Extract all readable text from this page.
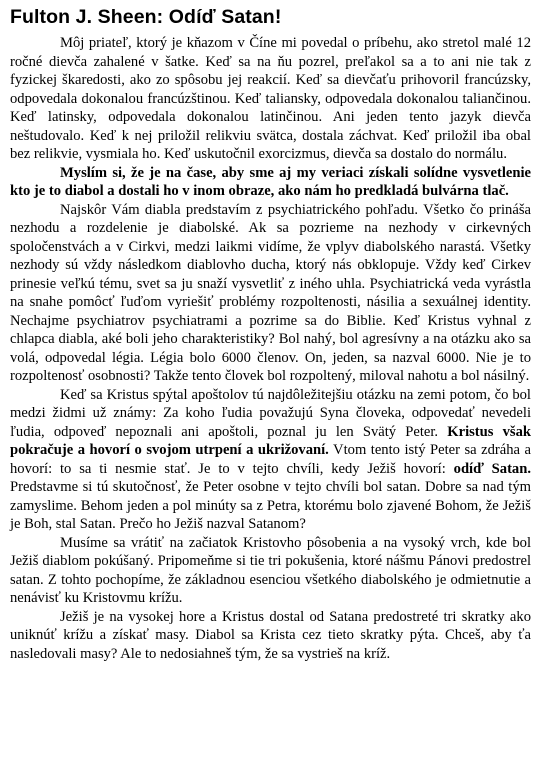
Fulton J. Sheen: Odíď Satan!

Môj priateľ, ktorý je kňazom v Číne mi povedal o príbehu, ako stretol malé 12 ročné dievča zahalené v šatke. Keď sa na ňu pozrel, preľakol sa a to ani nie tak z fyzickej škaredosti, ako zo spôsobu jej reakcií. Keď sa dievčaťu prihovoril francúzsky, odpovedala dokonalou francúzštinou. Keď taliansky, odpovedala dokonalou taliančinou. Keď latinsky, odpovedala dokonalou latinčinou. Ani jeden tento jazyk dievča neštudovalo. Keď k nej priložil relikviu svätca, dostala záchvat. Keď priložil iba obal bez relikvie, vysmiala ho. Keď uskutočnil exorcizmus, dievča sa dostalo do normálu.

Myslím si, že je na čase, aby sme aj my veriaci získali solídne vysvetlenie kto je to diabol a dostali ho v inom obraze, ako nám ho predkladá bulvárna tlač.

Najskôr Vám diabla predstavím z psychiatrického pohľadu. Všetko čo prináša nezhodu a rozdelenie je diabolské. Ak sa pozrieme na nezhody v cirkevných spoločenstvách a v Cirkvi, medzi laikmi vidíme, že vplyv diabolského narastá. Všetky nezhody sú vždy následkom diablovho ducha, ktorý nás obklopuje. Vždy keď Cirkev prinesie veľkú tému, svet sa ju snaží vysvetliť z iného uhla. Psychiatrická veda vyrástla na snahe pomôcť ľuďom vyriešiť problémy rozpoltenosti, násilia a sexuálnej identity. Nechajme psychiatrov psychiatrami a pozrime sa do Biblie. Keď Kristus vyhnal z chlapca diabla, aké boli jeho charakteristiky? Bol nahý, bol agresívny a na otázku ako sa volá, odpovedal légia. Légia bolo 6000 členov. On, jeden, sa nazval 6000. Nie je to rozpoltenosť osobnosti? Takže tento človek bol rozpoltený, miloval nahotu a bol násilný.

Keď sa Kristus spýtal apoštolov tú najdôležitejšiu otázku na zemi potom, čo bol medzi židmi už známy: Za koho ľudia považujú Syna človeka, odpovedať nevedeli ľudia, odpoveď nepoznali ani apoštoli, poznal ju len Svätý Peter. Kristus však pokračuje a hovorí o svojom utrpení a ukrižovaní. Vtom tento istý Peter sa zdráha a hovorí: to sa ti nesmie stať. Je to v tejto chvíli, kedy Ježiš hovorí: odíď Satan. Predstavme si tú skutočnosť, že Peter osobne v tejto chvíli bol satan. Dobre sa nad tým zamyslime. Behom jeden a pol minúty sa z Petra, ktorému bolo zjavené Bohom, že Ježiš je Boh, stal Satan. Prečo ho Ježiš nazval Satanom?

Musíme sa vrátiť na začiatok Kristovho pôsobenia a na vysoký vrch, kde bol Ježiš diablom pokúšaný. Pripomeňme si tie tri pokušenia, ktoré nášmu Pánovi predostrel satan. Z tohto pochopíme, že základnou esenciou všetkého diabolského je odmietnutie a nenávisť ku Kristovmu krížu.

Ježiš je na vysokej hore a Kristus dostal od Satana predostreté tri skratky ako uniknúť krížu a získať masy. Diabol sa Krista cez tieto skratky pýta. Chceš, aby ťa nasledovali masy? Ale to nedosiahneš tým, že sa vystrieš na kríž.
